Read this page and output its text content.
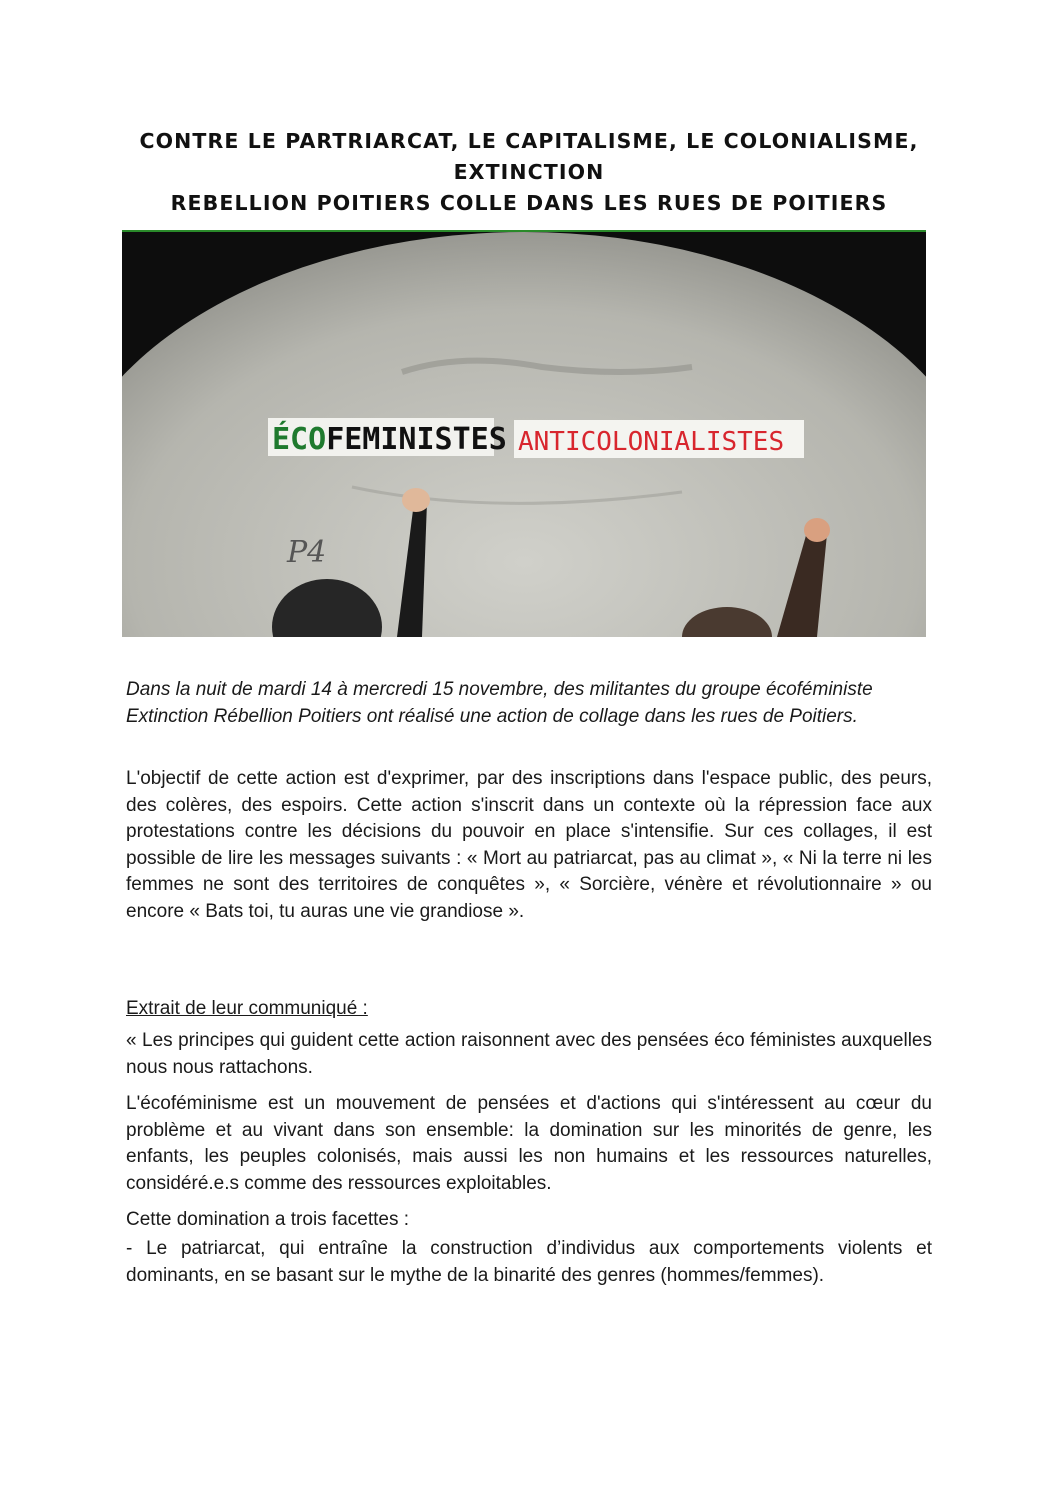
CONTRE LE PARTRIARCAT, LE CAPITALISME, LE COLONIALISME, EXTINCTION
REBELLION POITIERS COLLE DANS LES RUES DE POITIERS
ÉCOFEMINISTES ANTICOLONIALISTES
P4
Dans la nuit de mardi 14 à mercredi 15 novembre, des militantes du groupe écoféministe Extinction Rébellion Poitiers ont réalisé une action de collage dans les rues de Poitiers.

L'objectif de cette action est d'exprimer, par des inscriptions dans l'espace public, des peurs, des colères, des espoirs. Cette action s'inscrit dans un contexte où la répression face aux protestations contre les décisions du pouvoir en place s'intensifie. Sur ces collages, il est possible de lire les messages suivants : « Mort au patriarcat, pas au climat », « Ni la terre ni les femmes ne sont des territoires de conquêtes », « Sorcière, vénère et révolutionnaire » ou encore « Bats toi, tu auras une vie grandiose ».

Extrait de leur communiqué :

« Les principes qui guident cette action raisonnent avec des pensées éco féministes auxquelles nous nous rattachons.

L'écoféminisme est un mouvement de pensées et d'actions qui s'intéressent au cœur du problème et au vivant dans son ensemble: la domination sur les minorités de genre, les enfants, les peuples colonisés, mais aussi les non humains et les ressources naturelles, considéré.e.s comme des ressources exploitables.

Cette domination a trois facettes :

- Le patriarcat, qui entraîne la construction d’individus aux comportements violents et dominants, en se basant sur le mythe de la binarité des genres (hommes/femmes).
